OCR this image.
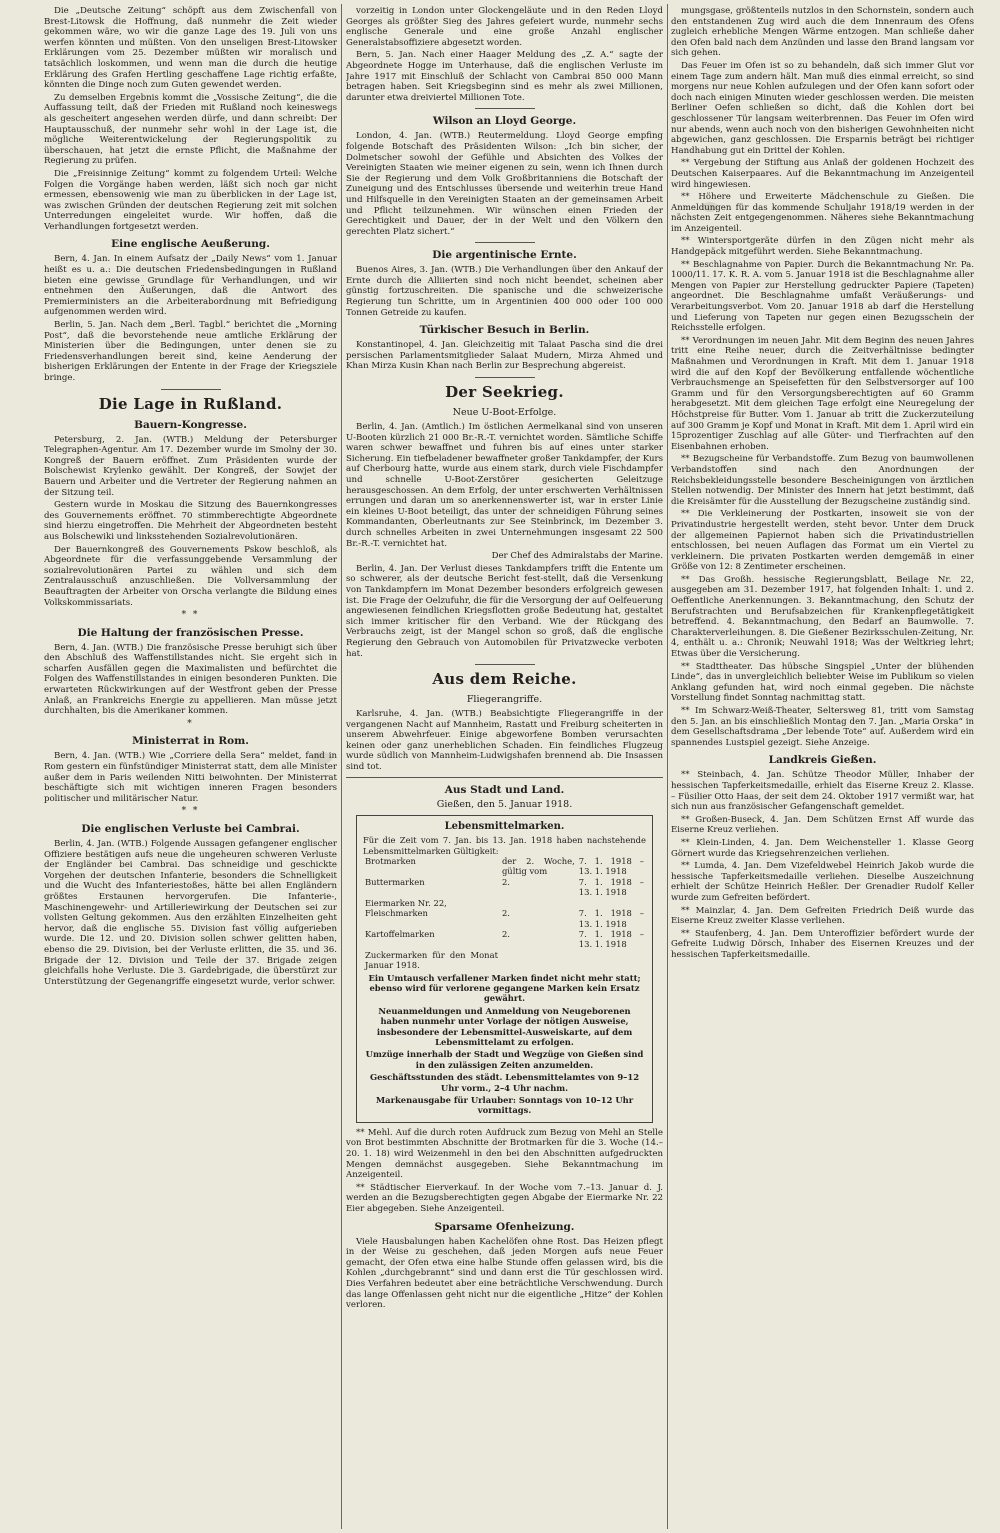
Die „Deutsche Zeitung“ schöpft aus dem Zwischenfall von Brest-Litowsk die Hoffnung, daß nunmehr die Zeit wieder gekommen wäre, wo wir die ganze Lage des 19. Juli von uns werfen könnten und müßten. Von den unseligen Brest-Litowsker Erklärungen vom 25. Dezember müßten wir moralisch und tatsächlich loskommen, und wenn man die durch die heutige Erklärung des Grafen Hertling geschaffene Lage richtig erfaßte, könnten die Dinge noch zum Guten gewendet werden.

Zu demselben Ergebnis kommt die „Vossische Zeitung“, die die Auffassung teilt, daß der Frieden mit Rußland noch keineswegs als gescheitert angesehen werden dürfe, und dann schreibt: Der Hauptausschuß, der nunmehr sehr wohl in der Lage ist, die mögliche Weiterentwickelung der Regierungspolitik zu überschauen, hat jetzt die ernste Pflicht, die Maßnahme der Regierung zu prüfen.

Die „Freisinnige Zeitung“ kommt zu folgendem Urteil: Welche Folgen die Vorgänge haben werden, läßt sich noch gar nicht ermessen, ebensowenig wie man zu überblicken in der Lage ist, was zwischen Gründen der deutschen Regierung zeit mit solchen Unterredungen eingeleitet wurde. Wir hoffen, daß die Verhandlungen fortgesetzt werden.

Eine englische Aeußerung.

Bern, 4. Jan. In einem Aufsatz der „Daily News“ vom 1. Januar heißt es u. a.: Die deutschen Friedensbedingungen in Rußland bieten eine gewisse Grundlage für Verhandlungen, und wir entnehmen den Äußerungen, daß die Antwort des Premierministers an die Arbeiterabordnung mit Befriedigung aufgenommen werden wird.

Berlin, 5. Jan. Nach dem „Berl. Tagbl.“ berichtet die „Morning Post“, daß die bevorstehende neue amtliche Erklärung der Ministerien über die Bedingungen, unter denen sie zu Friedensverhandlungen bereit sind, keine Aenderung der bisherigen Erklärungen der Entente in der Frage der Kriegsziele bringe.

Die Lage in Rußland.
Bauern-Kongresse.

Petersburg, 2. Jan. (WTB.) Meldung der Petersburger Telegraphen-Agentur. Am 17. Dezember wurde im Smolny der 30. Kongreß der Bauern eröffnet. Zum Präsidenten wurde der Bolschewist Krylenko gewählt. Der Kongreß, der Sowjet der Bauern und Arbeiter und die Vertreter der Regierung nahmen an der Sitzung teil.

Gestern wurde in Moskau die Sitzung des Bauernkongresses des Gouvernements eröffnet. 70 stimmberechtigte Abgeordnete sind hierzu eingetroffen. Die Mehrheit der Abgeordneten besteht aus Bolschewiki und linksstehenden Sozialrevolutionären.

Der Bauernkongreß des Gouvernements Pskow beschloß, als Abgeordnete für die verfassunggebende Versammlung der sozialrevolutionären Partei zu wählen und sich dem Zentralausschuß anzuschließen. Die Vollversammlung der Beauftragten der Arbeiter von Orscha verlangte die Bildung eines Volkskommissariats.

* *
Die Haltung der französischen Presse.

Bern, 4. Jan. (WTB.) Die französische Presse beruhigt sich über den Abschluß des Waffenstillstandes nicht. Sie ergeht sich in scharfen Ausfällen gegen die Maximalisten und befürchtet die Folgen des Waffenstillstandes in einigen besonderen Punkten. Die erwarteten Rückwirkungen auf der Westfront geben der Presse Anlaß, an Frankreichs Energie zu appellieren. Man müsse jetzt durchhalten, bis die Amerikaner kommen.

*
Ministerrat in Rom.

Bern, 4. Jan. (WTB.) Wie „Corriere della Sera“ meldet, fand in Rom gestern ein fünfstündiger Ministerrat statt, dem alle Minister außer dem in Paris weilenden Nitti beiwohnten. Der Ministerrat beschäftigte sich mit wichtigen inneren Fragen besonders politischer und militärischer Natur.

* *
Die englischen Verluste bei Cambrai.

Berlin, 4. Jan. (WTB.) Folgende Aussagen gefangener englischer Offiziere bestätigen aufs neue die ungeheuren schweren Verluste der Engländer bei Cambrai. Das schneidige und geschickte Vorgehen der deutschen Infanterie, besonders die Schnelligkeit und die Wucht des Infanteriestoßes, hätte bei allen Engländern größtes Erstaunen hervorgerufen. Die Infanterie-, Maschinengewehr- und Artilleriewirkung der Deutschen sei zur vollsten Geltung gekommen. Aus den erzählten Einzelheiten geht hervor, daß die englische 55. Division fast völlig aufgerieben wurde. Die 12. und 20. Division sollen schwer gelitten haben, ebenso die 29. Division, bei der Verluste erlitten, die 35. und 36. Brigade der 12. Division und Teile der 37. Brigade zeigen gleichfalls hohe Verluste. Die 3. Gardebrigade, die überstürzt zur Unterstützung der Gegenangriffe eingesetzt wurde, verlor schwer.

vorzeitig in London unter Glockengeläute und in den Reden Lloyd Georges als größter Sieg des Jahres gefeiert wurde, nunmehr sechs englische Generale und eine große Anzahl englischer Generalstabsoffiziere abgesetzt worden.

Bern, 5. Jan. Nach einer Haager Meldung des „Z. A.“ sagte der Abgeordnete Hogge im Unterhause, daß die englischen Verluste im Jahre 1917 mit Einschluß der Schlacht von Cambrai 850 000 Mann betragen haben. Seit Kriegsbeginn sind es mehr als zwei Millionen, darunter etwa dreiviertel Millionen Tote.

Wilson an Lloyd George.

London, 4. Jan. (WTB.) Reutermeldung. Lloyd George empfing folgende Botschaft des Präsidenten Wilson: „Ich bin sicher, der Dolmetscher sowohl der Gefühle und Absichten des Volkes der Vereinigten Staaten wie meiner eigenen zu sein, wenn ich Ihnen durch Sie der Regierung und dem Volk Großbritanniens die Botschaft der Zuneigung und des Entschlusses übersende und weiterhin treue Hand und Hilfsquelle in den Vereinigten Staaten an der gemeinsamen Arbeit und Pflicht teilzunehmen. Wir wünschen einen Frieden der Gerechtigkeit und Dauer, der in der Welt und den Völkern den gerechten Platz sichert.“

Die argentinische Ernte.

Buenos Aires, 3. Jan. (WTB.) Die Verhandlungen über den Ankauf der Ernte durch die Alliierten sind noch nicht beendet, scheinen aber günstig fortzuschreiten. Die spanische und die schweizerische Regierung tun Schritte, um in Argentinien 400 000 oder 100 000 Tonnen Getreide zu kaufen.

Türkischer Besuch in Berlin.

Konstantinopel, 4. Jan. Gleichzeitig mit Talaat Pascha sind die drei persischen Parlamentsmitglieder Salaat Mudern, Mirza Ahmed und Khan Mirza Kusin Khan nach Berlin zur Besprechung abgereist.

Der Seekrieg.
Neue U-Boot-Erfolge.

Berlin, 4. Jan. (Amtlich.) Im östlichen Aermelkanal sind von unseren U-Booten kürzlich 21 000 Br.-R.-T. vernichtet worden. Sämtliche Schiffe waren schwer bewaffnet und fuhren bis auf eines unter starker Sicherung. Ein tiefbeladener bewaffneter großer Tankdampfer, der Kurs auf Cherbourg hatte, wurde aus einem stark, durch viele Fischdampfer und schnelle U-Boot-Zerstörer gesicherten Geleitzuge herausgeschossen. An dem Erfolg, der unter erschwerten Verhältnissen errungen und daran um so anerkennenswerter ist, war in erster Linie ein kleines U-Boot beteiligt, das unter der schneidigen Führung seines Kommandanten, Oberleutnants zur See Steinbrinck, im Dezember 3. durch schnelles Arbeiten in zwei Unternehmungen insgesamt 22 500 Br.-R.-T. vernichtet hat.

Der Chef des Admiralstabs der Marine.

Berlin, 4. Jan. Der Verlust dieses Tankdampfers trifft die Entente um so schwerer, als der deutsche Bericht fest-stellt, daß die Versenkung von Tankdampfern im Monat Dezember besonders erfolgreich gewesen ist. Die Frage der Oelzufuhr, die für die Versorgung der auf Oelfeuerung angewiesenen feindlichen Kriegsflotten große Bedeutung hat, gestaltet sich immer kritischer für den Verband. Wie der Rückgang des Verbrauchs zeigt, ist der Mangel schon so groß, daß die englische Regierung den Gebrauch von Automobilen für Privatzwecke verboten hat.

Aus dem Reiche.
Fliegerangriffe.

Karlsruhe, 4. Jan. (WTB.) Beabsichtigte Fliegerangriffe in der vergangenen Nacht auf Mannheim, Rastatt und Freiburg scheiterten in unserem Abwehrfeuer. Einige abgeworfene Bomben verursachten keinen oder ganz unerheblichen Schaden. Ein feindliches Flugzeug wurde südlich von Mannheim-Ludwigshafen brennend ab. Die Insassen sind tot.

Aus Stadt und Land.
Gießen, den 5. Januar 1918.
Lebensmittelmarken.
Für die Zeit vom 7. Jan. bis 13. Jan. 1918 haben nachstehende Lebensmittelmarken Gültigkeit:
Brotmarken	der 2. Woche, gültig vom	7. 1. 1918 – 13. 1. 1918
Buttermarken	2.	7. 1. 1918 – 13. 1. 1918
Eiermarken Nr. 22,		
Fleischmarken	2.	7. 1. 1918 – 13. 1. 1918
Kartoffelmarken	2.	7. 1. 1918 – 13. 1. 1918
Zuckermarken für den Monat Januar 1918.		
Ein Umtausch verfallener Marken findet nicht mehr statt; ebenso wird für verlorene gegangene Marken kein Ersatz gewährt.
Neuanmeldungen und Anmeldung von Neugeborenen haben nunmehr unter Vorlage der nötigen Ausweise, insbesondere der Lebensmittel-Ausweiskarte, auf dem Lebensmittelamt zu erfolgen.
Umzüge innerhalb der Stadt und Wegzüge von Gießen sind in den zulässigen Zeiten anzumelden.
Geschäftsstunden des städt. Lebensmittelamtes von 9–12 Uhr vorm., 2–4 Uhr nachm.
Markenausgabe für Urlauber: Sonntags von 10–12 Uhr vormittags.

** Mehl. Auf die durch roten Aufdruck zum Bezug von Mehl an Stelle von Brot bestimmten Abschnitte der Brotmarken für die 3. Woche (14.–20. 1. 18) wird Weizenmehl in den bei den Abschnitten aufgedruckten Mengen demnächst ausgegeben. Siehe Bekanntmachung im Anzeigenteil.

** Städtischer Eierverkauf. In der Woche vom 7.–13. Januar d. J. werden an die Bezugsberechtigten gegen Abgabe der Eiermarke Nr. 22 Eier abgegeben. Siehe Anzeigenteil.

Sparsame Ofenheizung.

Viele Hausbalungen haben Kachelöfen ohne Rost. Das Heizen pflegt in der Weise zu geschehen, daß jeden Morgen aufs neue Feuer gemacht, der Ofen etwa eine halbe Stunde offen gelassen wird, bis die Kohlen „durchgebrannt“ sind und dann erst die Tür geschlossen wird. Dies Verfahren bedeutet aber eine beträchtliche Verschwendung. Durch das lange Offenlassen geht nicht nur die eigentliche „Hitze“ der Kohlen verloren.

mungsgase, größtenteils nutzlos in den Schornstein, sondern auch den entstandenen Zug wird auch die dem Innenraum des Ofens zugleich erhebliche Mengen Wärme entzogen. Man schließe daher den Ofen bald nach dem Anzünden und lasse den Brand langsam vor sich gehen.

Das Feuer im Ofen ist so zu behandeln, daß sich immer Glut vor einem Tage zum andern hält. Man muß dies einmal erreicht, so sind morgens nur neue Kohlen aufzulegen und der Ofen kann sofort oder doch nach einigen Minuten wieder geschlossen werden. Die meisten Berliner Oefen schließen so dicht, daß die Kohlen dort bei geschlossener Tür langsam weiterbrennen. Das Feuer im Ofen wird nur abends, wenn auch noch von den bisherigen Gewohnheiten nicht abgewichen, ganz geschlossen. Die Ersparnis beträgt bei richtiger Handhabung gut ein Drittel der Kohlen.

** Vergebung der Stiftung aus Anlaß der goldenen Hochzeit des Deutschen Kaiserpaares. Auf die Bekanntmachung im Anzeigenteil wird hingewiesen.

** Höhere und Erweiterte Mädchenschule zu Gießen. Die Anmeldungen für das kommende Schuljahr 1918/19 werden in der nächsten Zeit entgegengenommen. Näheres siehe Bekanntmachung im Anzeigenteil.

** Wintersportgeräte dürfen in den Zügen nicht mehr als Handgepäck mitgeführt werden. Siehe Bekanntmachung.

** Beschlagnahme von Papier. Durch die Bekanntmachung Nr. Pa. 1000/11. 17. K. R. A. vom 5. Januar 1918 ist die Beschlagnahme aller Mengen von Papier zur Herstellung gedruckter Papiere (Tapeten) angeordnet. Die Beschlagnahme umfaßt Veräußerungs- und Verarbeitungsverbot. Vom 20. Januar 1918 ab darf die Herstellung und Lieferung von Tapeten nur gegen einen Bezugsschein der Reichsstelle erfolgen.

** Verordnungen im neuen Jahr. Mit dem Beginn des neuen Jahres tritt eine Reihe neuer, durch die Zeitverhältnisse bedingter Maßnahmen und Verordnungen in Kraft. Mit dem 1. Januar 1918 wird die auf den Kopf der Bevölkerung entfallende wöchentliche Verbrauchsmenge an Speisefetten für den Selbstversorger auf 100 Gramm und für den Versorgungsberechtigten auf 60 Gramm herabgesetzt. Mit dem gleichen Tage erfolgt eine Neuregelung der Höchstpreise für Butter. Vom 1. Januar ab tritt die Zuckerzuteilung auf 300 Gramm je Kopf und Monat in Kraft. Mit dem 1. April wird ein 15prozentiger Zuschlag auf alle Güter- und Tierfrachten auf den Eisenbahnen erhoben.

** Bezugscheine für Verbandstoffe. Zum Bezug von baumwollenen Verbandstoffen sind nach den Anordnungen der Reichsbekleidungsstelle besondere Bescheinigungen von ärztlichen Stellen notwendig. Der Minister des Innern hat jetzt bestimmt, daß die Kreisämter für die Ausstellung der Bezugscheine zuständig sind.

** Die Verkleinerung der Postkarten, insoweit sie von der Privatindustrie hergestellt werden, steht bevor. Unter dem Druck der allgemeinen Papiernot haben sich die Privatindustriellen entschlossen, bei neuen Auflagen das Format um ein Viertel zu verkleinern. Die privaten Postkarten werden demgemäß in einer Größe von 12: 8 Zentimeter erscheinen.

** Das Großh. hessische Regierungsblatt, Beilage Nr. 22, ausgegeben am 31. Dezember 1917, hat folgenden Inhalt: 1. und 2. Oeffentliche Anerkennungen. 3. Bekanntmachung, den Schutz der Berufstrachten und Berufsabzeichen für Krankenpflegetätigkeit betreffend. 4. Bekanntmachung, den Bedarf an Baumwolle. 7. Charakterverleihungen. 8. Die Gießener Bezirksschulen-Zeitung, Nr. 4, enthält u. a.: Chronik; Neuwahl 1918; Was der Weltkrieg lehrt; Etwas über die Versicherung.

** Stadttheater. Das hübsche Singspiel „Unter der blühenden Linde“, das in unvergleichlich beliebter Weise im Publikum so vielen Anklang gefunden hat, wird noch einmal gegeben. Die nächste Vorstellung findet Sonntag nachmittag statt.

** Im Schwarz-Weiß-Theater, Seltersweg 81, tritt vom Samstag den 5. Jan. an bis einschließlich Montag den 7. Jan. „Maria Orska“ in dem Gesellschaftsdrama „Der lebende Tote“ auf. Außerdem wird ein spannendes Lustspiel gezeigt. Siehe Anzeige.

Landkreis Gießen.

** Steinbach, 4. Jan. Schütze Theodor Müller, Inhaber der hessischen Tapferkeitsmedaille, erhielt das Eiserne Kreuz 2. Klasse. – Füsilier Otto Haas, der seit dem 24. Oktober 1917 vermißt war, hat sich nun aus französischer Gefangenschaft gemeldet.

** Großen-Buseck, 4. Jan. Dem Schützen Ernst Aff wurde das Eiserne Kreuz verliehen.

** Klein-Linden, 4. Jan. Dem Weichensteller 1. Klasse Georg Görnert wurde das Kriegsehrenzeichen verliehen.

** Lumda, 4. Jan. Dem Vizefeldwebel Heinrich Jakob wurde die hessische Tapferkeitsmedaille verliehen. Dieselbe Auszeichnung erhielt der Schütze Heinrich Heßler. Der Grenadier Rudolf Keller wurde zum Gefreiten befördert.

** Mainzlar, 4. Jan. Dem Gefreiten Friedrich Deiß wurde das Eiserne Kreuz zweiter Klasse verliehen.

** Staufenberg, 4. Jan. Dem Unteroffizier befördert wurde der Gefreite Ludwig Dörsch, Inhaber des Eisernen Kreuzes und der hessischen Tapferkeitsmedaille.
